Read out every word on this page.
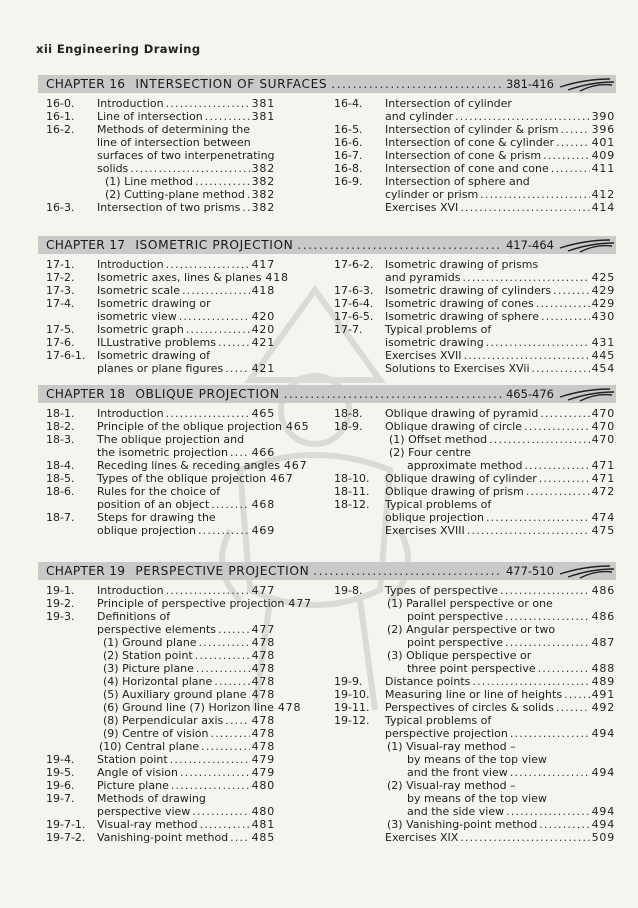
xii Engineering Drawing
CHAPTER 16 INTERSECTION OF SURFACES .....	381-416
16-0. Introduction .....	381
16-1. Line of intersection .....	381
16-2. Methods of determining the
line of intersection between
surfaces of two interpenetrating
solids .....	382
(1) Line method .....	382
(2) Cutting-plane method ..... 382
16-3. Intersection of two prisms ..... 382
16-4. Intersection of cylinder
and cylinder .....	390
16-5. Intersection of cylinder & prism .....	396
16-6. Intersection of cone & cylinder .....	401
16-7. Intersection of cone & prism .....	409
16-8. Intersection of cone and cone .....	411
16-9. Intersection of sphere and
cylinder or prism .....	412
Exercises XVI .....	414
CHAPTER 17 ISOMETRIC PROJECTION .....	417-464
17-1. Introduction .....	417
17-2. Isometric axes, lines & planes 418
17-3. Isometric scale .....	418
17-4. Isometric drawing or
isometric view .....	420
17-5. Isometric graph .....	420
17-6. ILLustrative problems .....	421
17-6-1. Isometric drawing of
planes or plane figures .....	421
17-6-2. Isometric drawing of prisms
and pyramids .....	425
17-6-3. Isometric drawing of cylinders .....	429
17-6-4. Isometric drawing of cones .....	429
17-6-5. Isometric drawing of sphere .....	430
17-7. Typical problems of
isometric drawing .....	431
Exercises XVII .....	445
Solutions to Exercises XVii .....	454
CHAPTER 18 OBLIQUE PROJECTION .....	465-476
18-1. Introduction .....	465
18-2. Principle of the oblique projection 465
18-3. The oblique projection and
the isometric projection ..... 466
18-4. Receding lines & receding angles 467
18-5. Types of the oblique projection 467
18-6. Rules for the choice of
position of an object .....	468
18-7. Steps for drawing the
oblique projection .....	469
18-8. Oblique drawing of pyramid .....	470
18-9. Oblique drawing of circle .....	470
(1) Offset method .....	470
(2) Four centre
approximate method .....	471
18-10. Oblique drawing of cylinder .....	471
18-11. Oblique drawing of prism .....	472
18-12. Typical problems of
oblique projection .....	474
Exercises XVIII .....	475
CHAPTER 19 PERSPECTIVE PROJECTION .....	477-510
19-1. Introduction .....	477
19-2. Principle of perspective projection 477
19-3. Definitions of
perspective elements .....	477
(1) Ground plane .....	478
(2) Station point .....	478
(3) Picture plane .....	478
(4) Horizontal plane .....	478
(5) Auxiliary ground plane ..... 478
(6) Ground line (7) Horizon line 478
(8) Perpendicular axis .....	478
(9) Centre of vision .....	478
(10) Central plane .....	478
19-4. Station point .....	479
19-5. Angle of vision .....	479
19-6. Picture plane .....	480
19-7. Methods of drawing
perspective view .....	480
19-7-1. Visual-ray method .....	481
19-7-2. Vanishing-point method ..... 485
19-8. Types of perspective .....	486
(1) Parallel perspective or one
point perspective .....	486
(2) Angular perspective or two
point perspective .....	487
(3) Oblique perspective or
three point perspective .....	488
19-9. Distance points .....	489
19-10. Measuring line or line of heights .....	491
19-11. Perspectives of circles & solids .....	492
19-12. Typical problems of
perspective projection .....	494
(1) Visual-ray method –
by means of the top view
and the front view .....	494
(2) Visual-ray method –
by means of the top view
and the side view .....	494
(3) Vanishing-point method .....	494
Exercises XIX .....	509
